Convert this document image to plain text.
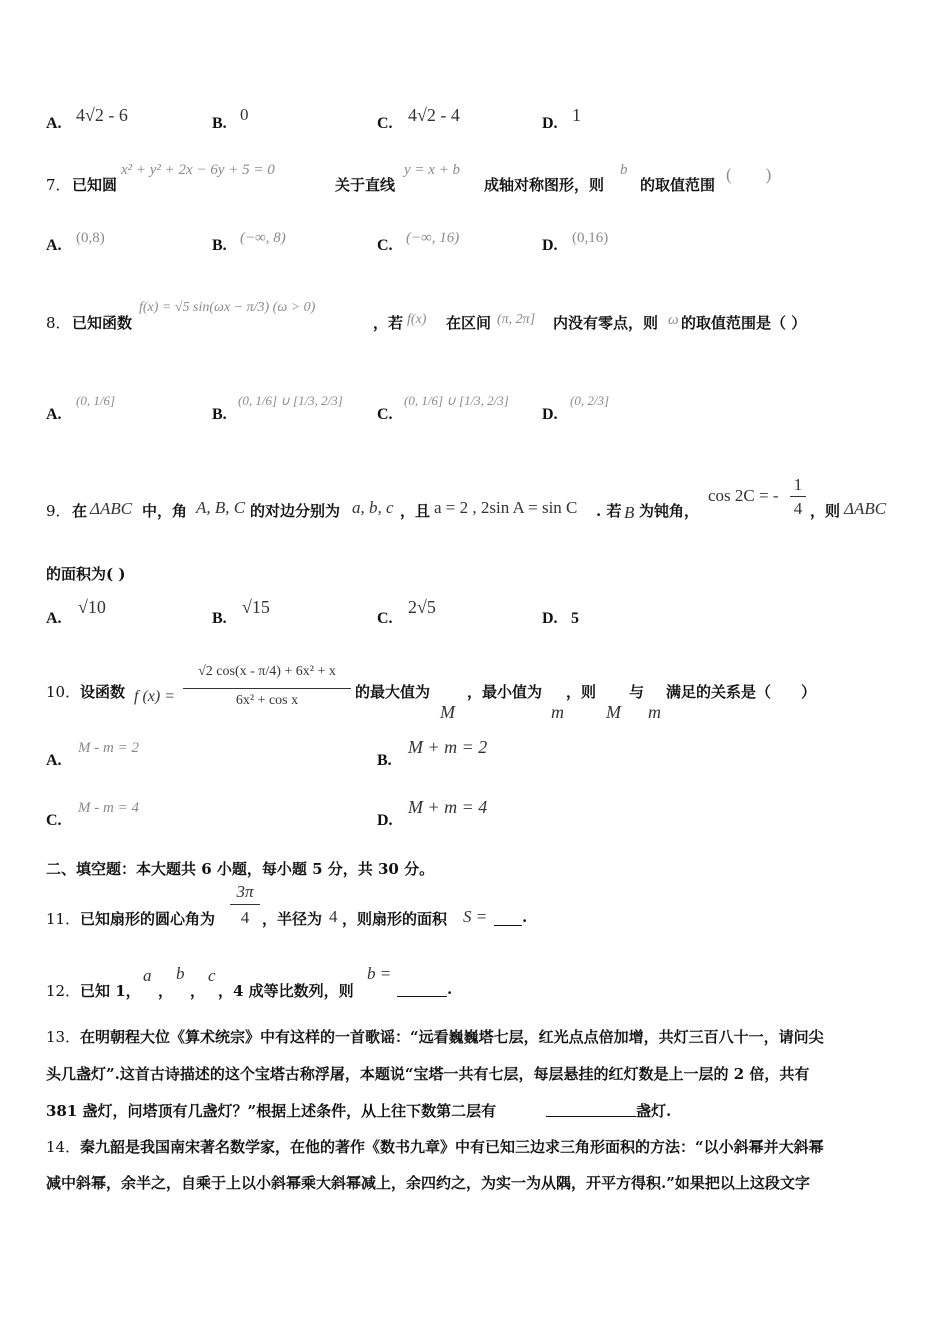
A. 4√2 - 6	B. 0	C. 4√2 - 4	D. 1
7． 已知圆
x² + y² + 2x − 6y + 5 = 0
关于直线
y = x + b
成轴对称图形，则
b
的取值范围
(　　)
A. (0,8)	B. (−∞, 8)	C. (−∞, 16)	D. (0,16)
8． 已知函数
f(x) = √5 sin(ωx − π/3) (ω > 0)
，若 f(x) 在区间 (π, 2π] 内没有零点，则 ω 的取值范围是（ ）
A.
(0, 1/6]
B.
(0, 1/6] ∪ [1/3, 2/3]
C.
(0, 1/6] ∪ [1/3, 2/3]
D.
(0, 2/3]
9． 在 ΔABC 中，角 A, B, C 的对边分别为 a, b, c ，且 a = 2 , 2sin A = sin C . 若 B 为钝角，
cos 2C = - $\frac{1}{4}$ ，则 ΔABC
的面积为( )
A.
√10
B.
√15
C.
2√5
D. 5
10． 设函数 f $(x) = \frac{\text{√2 cos(x - π/4) + 6x² + x}}{\text{6x² + cos x}}$ 的最大值为
M
，最小值为
m
，则
M
与
m
满足的关系是（　　）
A.
M - m = 2
B.
M + m = 2
C.
M - m = 4
D.
M + m = 4
二、填空题：本大题共 6 小题，每小题 5 分，共 30 分。
11． 已知扇形的圆心角为 $\frac{3\pi}{4}$ ，半径为 4 ，则扇形的面积 S = .
12． 已知 1，
a
，
b
，
c
，4 成等比数列，则
b =
.
13． 在明朝程大位《算术统宗》中有这样的一首歌谣：“远看巍巍塔七层，红光点点倍加增，共灯三百八十一，请问尖
头几盏灯”.这首古诗描述的这个宝塔古称浮屠，本题说“宝塔一共有七层，每层悬挂的红灯数是上一层的 2 倍，共有
381 盏灯，问塔顶有几盏灯？”根据上述条件，从上往下数第二层有	盏灯.
14． 秦九韶是我国南宋著名数学家，在他的著作《数书九章》中有已知三边求三角形面积的方法：“以小斜幂并大斜幂
减中斜幂，余半之，自乘于上以小斜幂乘大斜幂减上，余四约之，为实一为从隅，开平方得积.”如果把以上这段文字
